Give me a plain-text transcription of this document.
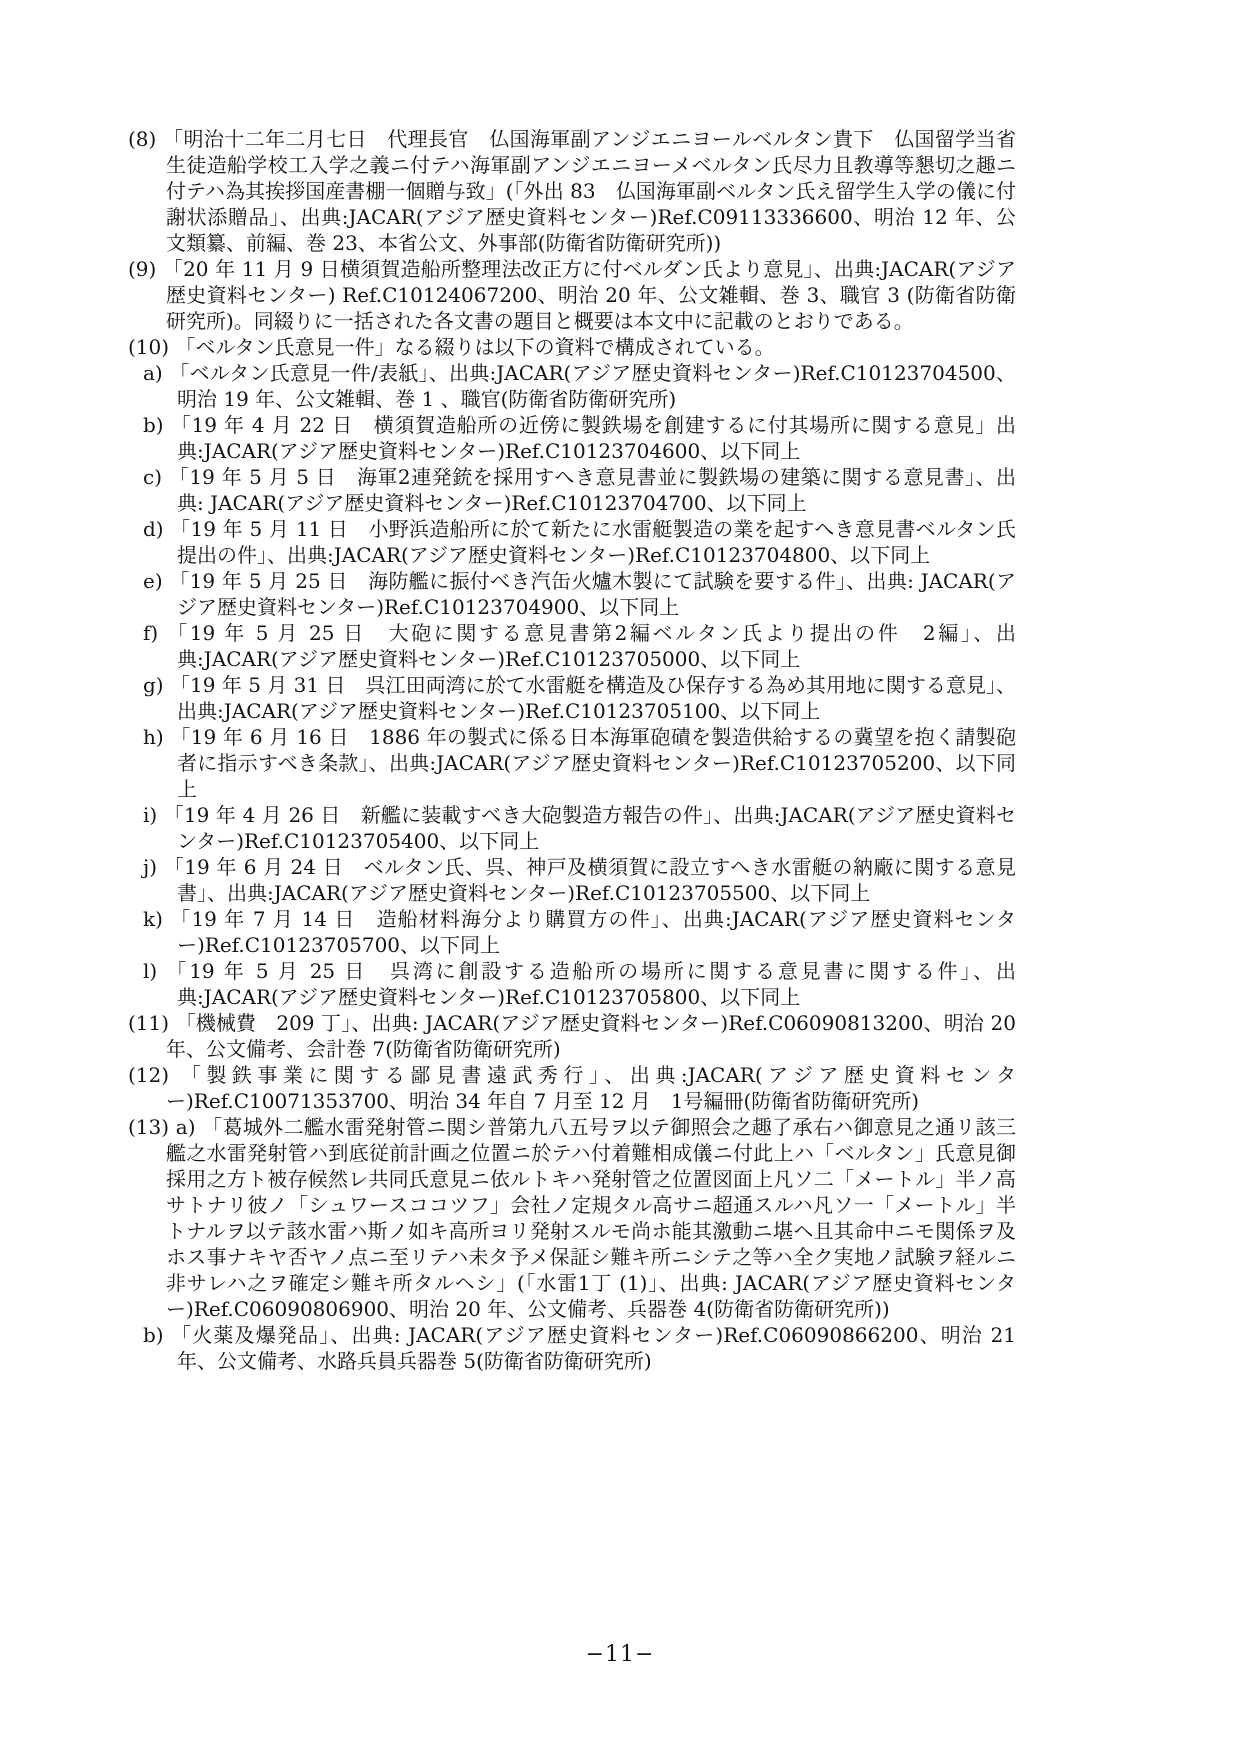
(8) 「明治十二年二月七日　代理長官　仏国海軍副アンジエニヨールベルタン貴下　仏国留学当省生徒造船学校工入学之義ニ付テハ海軍副アンジエニヨーメベルタン氏尽力且教導等懇切之趣ニ付テハ為其挨拶国産書棚一個贈与致」(「外出 83　仏国海軍副ベルタン氏え留学生入学の儀に付謝状添贈品」、出典:JACAR(アジア歴史資料センター)Ref.C09113336600、明治 12 年、公文類纂、前編、巻 23、本省公文、外事部(防衛省防衛研究所))
(9) 「20 年 11 月 9 日横須賀造船所整理法改正方に付ベルダン氏より意見」、出典:JACAR(アジア歴史資料センター) Ref.C10124067200、明治 20 年、公文雑輯、巻 3、職官 3 (防衛省防衛研究所)。同綴りに一括された各文書の題目と概要は本文中に記載のとおりである。
(10) 「ベルタン氏意見一件」なる綴りは以下の資料で構成されている。
a) 「ベルタン氏意見一件/表紙」、出典:JACAR(アジア歴史資料センター)Ref.C10123704500、明治 19 年、公文雑輯、巻 1 、職官(防衛省防衛研究所)
b) 「19 年 4 月 22 日　横須賀造船所の近傍に製鉄場を創建するに付其場所に関する意見」出典:JACAR(アジア歴史資料センター)Ref.C10123704600、以下同上
c) 「19 年 5 月 5 日　海軍2連発銃を採用すへき意見書並に製鉄場の建築に関する意見書」、出典: JACAR(アジア歴史資料センター)Ref.C10123704700、以下同上
d) 「19 年 5 月 11 日　小野浜造船所に於て新たに水雷艇製造の業を起すへき意見書ベルタン氏提出の件」、出典:JACAR(アジア歴史資料センター)Ref.C10123704800、以下同上
e) 「19 年 5 月 25 日　海防艦に振付べき汽缶火爐木製にて試験を要する件」、出典: JACAR(アジア歴史資料センター)Ref.C10123704900、以下同上
f) 「19 年 5 月 25 日　大砲に関する意見書第2編ベルタン氏より提出の件　2編」、出典:JACAR(アジア歴史資料センター)Ref.C10123705000、以下同上
g) 「19 年 5 月 31 日　呉江田両湾に於て水雷艇を構造及ひ保存する為め其用地に関する意見」、出典:JACAR(アジア歴史資料センター)Ref.C10123705100、以下同上
h) 「19 年 6 月 16 日　1886 年の製式に係る日本海軍砲磧を製造供給するの冀望を抱く請製砲者に指示すべき条款」、出典:JACAR(アジア歴史資料センター)Ref.C10123705200、以下同上
i) 「19 年 4 月 26 日　新艦に装載すべき大砲製造方報告の件」、出典:JACAR(アジア歴史資料センター)Ref.C10123705400、以下同上
j) 「19 年 6 月 24 日　ベルタン氏、呉、神戸及横須賀に設立すへき水雷艇の納廠に関する意見書」、出典:JACAR(アジア歴史資料センター)Ref.C10123705500、以下同上
k) 「19 年 7 月 14 日　造船材料海分より購買方の件」、出典:JACAR(アジア歴史資料センター)Ref.C10123705700、以下同上
l) 「19 年 5 月 25 日　呉湾に創設する造船所の場所に関する意見書に関する件」、出典:JACAR(アジア歴史資料センター)Ref.C10123705800、以下同上
(11) 「機械費　209 丁」、出典: JACAR(アジア歴史資料センター)Ref.C06090813200、明治 20 年、公文備考、会計巻 7(防衛省防衛研究所)
(12) 「製鉄事業に関する鄙見書遠武秀行」、出典:JACAR(アジア歴史資料センター)Ref.C10071353700、明治 34 年自 7 月至 12 月　1号編冊(防衛省防衛研究所)
(13) a) 「葛城外二艦水雷発射管ニ関シ普第九八五号ヲ以テ御照会之趣了承右ハ御意見之通リ該三艦之水雷発射管ハ到底従前計画之位置ニ於テハ付着難相成儀ニ付此上ハ「ベルタン」氏意見御採用之方ト被存候然レ共同氏意見ニ依ルトキハ発射管之位置図面上凡ソ二「メートル」半ノ高サトナリ彼ノ「シュワースココツフ」会社ノ定規タル高サニ超通スルハ凡ソ一「メートル」半トナルヲ以テ該水雷ハ斯ノ如キ高所ヨリ発射スルモ尚ホ能其激動ニ堪ヘ且其命中ニモ関係ヲ及ホス事ナキヤ否ヤノ点ニ至リテハ未タ予メ保証シ難キ所ニシテ之等ハ全ク実地ノ試験ヲ経ルニ非サレハ之ヲ確定シ難キ所タルヘシ」(「水雷1丁 (1)」、出典: JACAR(アジア歴史資料センター)Ref.C06090806900、明治 20 年、公文備考、兵器巻 4(防衛省防衛研究所))
b) 「火薬及爆発品」、出典: JACAR(アジア歴史資料センター)Ref.C06090866200、明治 21 年、公文備考、水路兵員兵器巻 5(防衛省防衛研究所)
−11−
